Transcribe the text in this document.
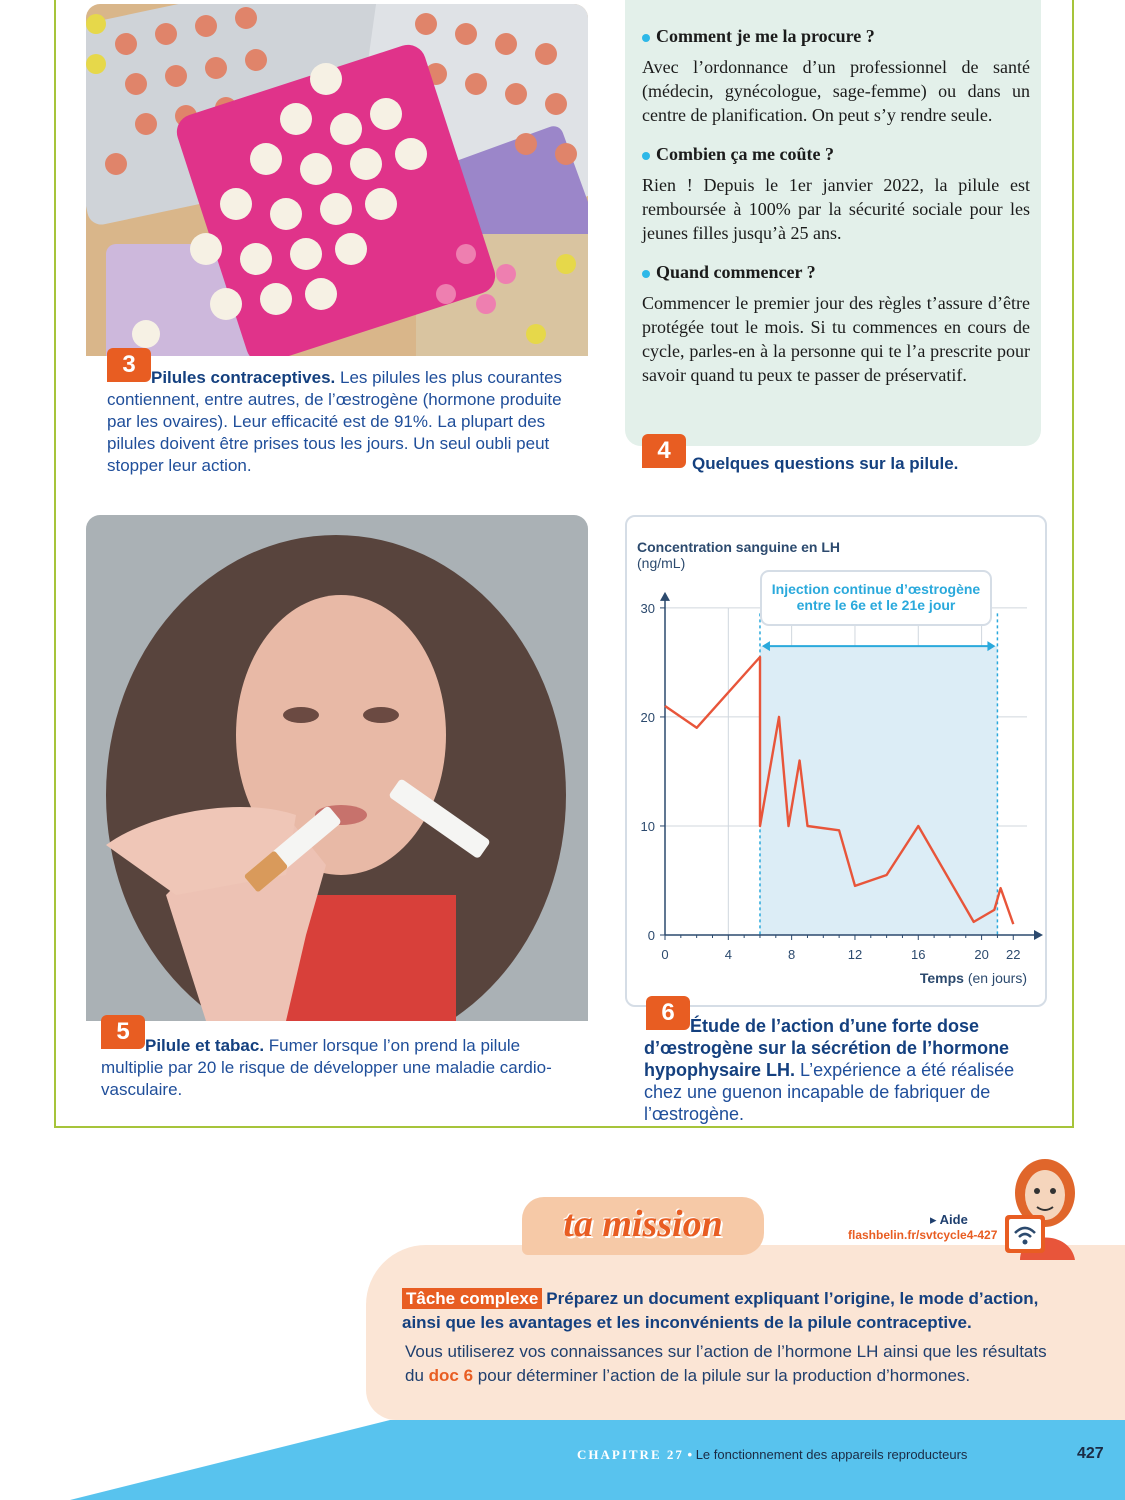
3 Pilules contraceptives. Les pilules les plus courantes contiennent, entre autres, de l’œstrogène (hormone produite par les ovaires). Leur efficacité est de 91%. La plupart des pilules doivent être prises tous les jours. Un seul oubli peut stopper leur action.
Comment je me la procure ?

Avec l’ordonnance d’un professionnel de santé (médecin, gynécologue, sage-femme) ou dans un centre de planification. On peut s’y rendre seule.

Combien ça me coûte ?

Rien ! Depuis le 1er janvier 2022, la pilule est remboursée à 100% par la sécurité sociale pour les jeunes filles jusqu’à 25 ans.

Quand commencer ?

Commencer le premier jour des règles t’assure d’être protégée tout le mois. Si tu commences en cours de cycle, parles-en à la personne qui te l’a prescrite pour savoir quand tu peux te passer de préservatif.

4	Quelques questions sur la pilule.
5
Pilule et tabac. Fumer lorsque l’on prend la pilule multiplie par 20 le risque de développer une maladie cardio-vasculaire.
Concentration sanguine en LH
(ng/mL)
0	4	8	12	16	20 22
0
10
20
30
Injection continue d’œstrogène
entre le 6e et le 21e jour
Temps (en jours)
6 Étude de l’action d’une forte dose d’œstrogène sur la sécrétion de l’hormone hypophysaire LH. L’expérience a été réalisée chez une guenon incapable de fabriquer de l’œstrogène.
ta mission	▸ Aide
flashbelin.fr/svtcycle4-427
Tâche complexe Préparez un document expliquant l’origine, le mode d’action, ainsi que les avantages et les inconvénients de la pilule contraceptive.
Vous utiliserez vos connaissances sur l’action de l’hormone LH ainsi que les résultats du doc 6 pour déterminer l’action de la pilule sur la production d’hormones.
CHAPITRE 27 • Le fonctionnement des appareils reproducteurs	427
